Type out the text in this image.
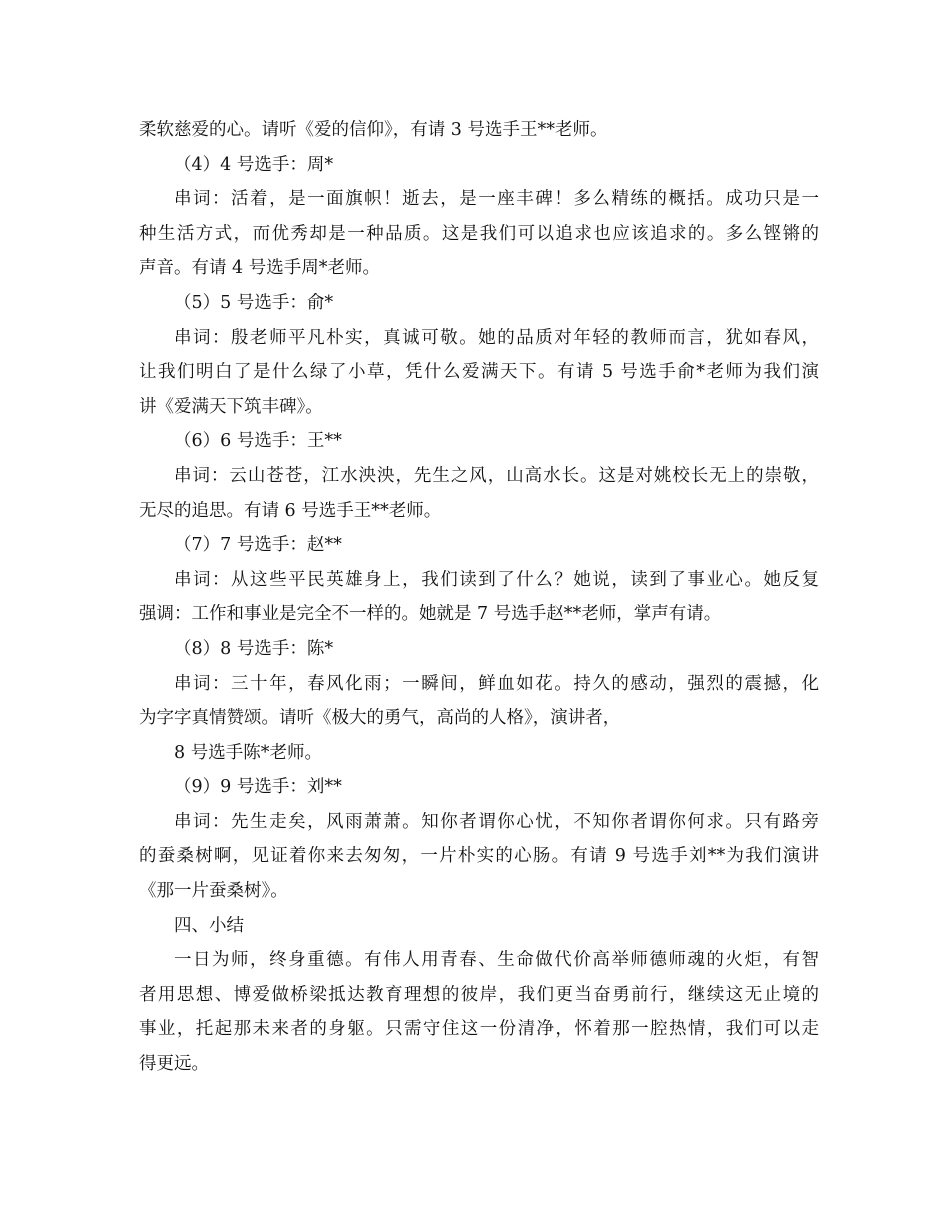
柔软慈爱的心。请听《爱的信仰》，有请 3 号选手王**老师。
（4）4 号选手：周*
串词：活着，是一面旗帜！逝去，是一座丰碑！多么精练的概括。成功只是一
种生活方式，而优秀却是一种品质。这是我们可以追求也应该追求的。多么铿锵的
声音。有请 4 号选手周*老师。
（5）5 号选手：俞*
串词：殷老师平凡朴实，真诚可敬。她的品质对年轻的教师而言，犹如春风，
让我们明白了是什么绿了小草，凭什么爱满天下。有请 5 号选手俞*老师为我们演
讲《爱满天下筑丰碑》。
（6）6 号选手：王**
串词：云山苍苍，江水泱泱，先生之风，山高水长。这是对姚校长无上的崇敬，
无尽的追思。有请 6 号选手王**老师。
（7）7 号选手：赵**
串词：从这些平民英雄身上，我们读到了什么？她说，读到了事业心。她反复
强调：工作和事业是完全不一样的。她就是 7 号选手赵**老师，掌声有请。
（8）8 号选手：陈*
串词：三十年，春风化雨；一瞬间，鲜血如花。持久的感动，强烈的震撼，化
为字字真情赞颂。请听《极大的勇气，高尚的人格》，演讲者，
8 号选手陈*老师。
（9）9 号选手：刘**
串词：先生走矣，风雨萧萧。知你者谓你心忧，不知你者谓你何求。只有路旁
的蚕桑树啊，见证着你来去匆匆，一片朴实的心肠。有请 9 号选手刘**为我们演讲
《那一片蚕桑树》。
四、小结
一日为师，终身重德。有伟人用青春、生命做代价高举师德师魂的火炬，有智
者用思想、博爱做桥梁抵达教育理想的彼岸，我们更当奋勇前行，继续这无止境的
事业，托起那未来者的身躯。只需守住这一份清净，怀着那一腔热情，我们可以走
得更远。
